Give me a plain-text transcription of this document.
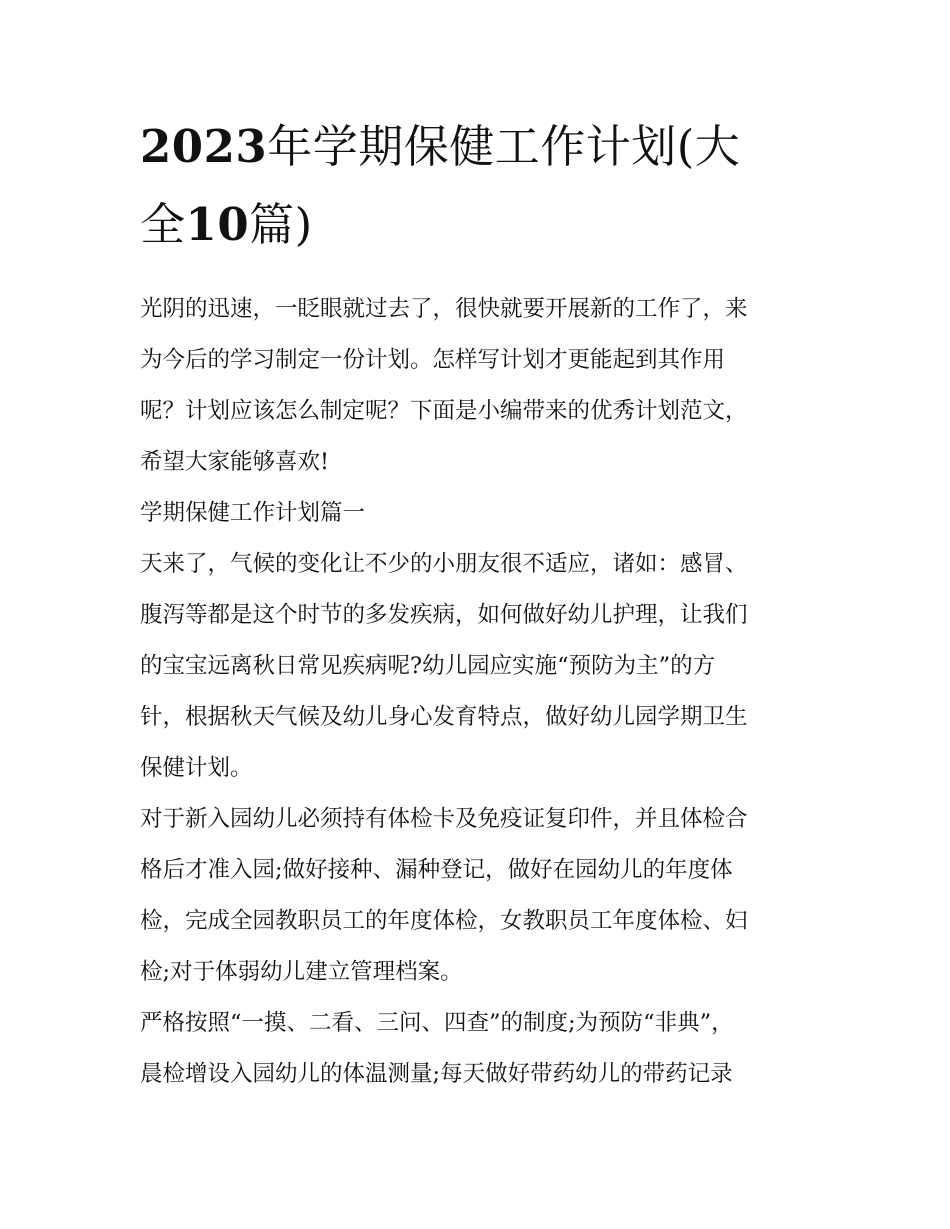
2023年学期保健工作计划(大
全10篇)

光阴的迅速，一眨眼就过去了，很快就要开展新的工作了，来
为今后的学习制定一份计划。怎样写计划才更能起到其作用
呢？计划应该怎么制定呢？下面是小编带来的优秀计划范文，
希望大家能够喜欢!

学期保健工作计划篇一

天来了，气候的变化让不少的小朋友很不适应，诸如：感冒、
腹泻等都是这个时节的多发疾病，如何做好幼儿护理，让我们
的宝宝远离秋日常见疾病呢?幼儿园应实施“预防为主”的方
针，根据秋天气候及幼儿身心发育特点，做好幼儿园学期卫生
保健计划。

对于新入园幼儿必须持有体检卡及免疫证复印件，并且体检合
格后才准入园;做好接种、漏种登记，做好在园幼儿的年度体
检，完成全园教职员工的年度体检，女教职员工年度体检、妇
检;对于体弱幼儿建立管理档案。

严格按照“一摸、二看、三问、四查”的制度;为预防“非典”，
晨检增设入园幼儿的体温测量;每天做好带药幼儿的带药记录
